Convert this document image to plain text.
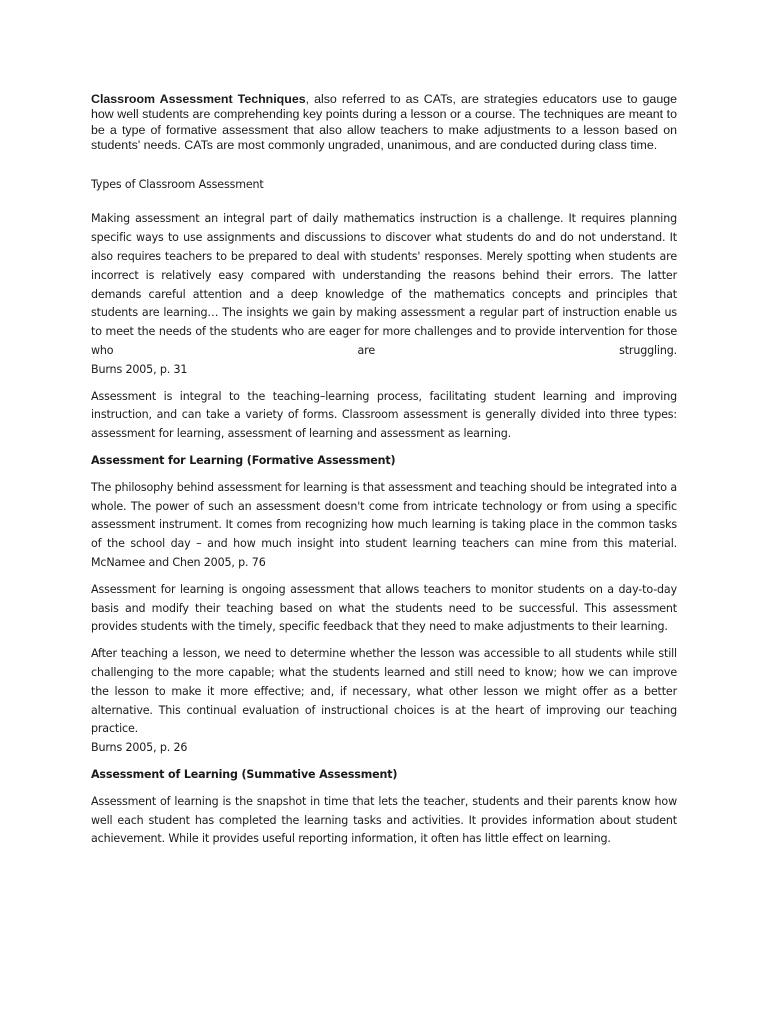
Classroom Assessment Techniques, also referred to as CATs, are strategies educators use to gauge how well students are comprehending key points during a lesson or a course. The techniques are meant to be a type of formative assessment that also allow teachers to make adjustments to a lesson based on students' needs. CATs are most commonly ungraded, unanimous, and are conducted during class time.

Types of Classroom Assessment

Making assessment an integral part of daily mathematics instruction is a challenge. It requires planning specific ways to use assignments and discussions to discover what students do and do not understand. It also requires teachers to be prepared to deal with students' responses. Merely spotting when students are incorrect is relatively easy compared with understanding the reasons behind their errors. The latter demands careful attention and a deep knowledge of the mathematics concepts and principles that students are learning… The insights we gain by making assessment a regular part of instruction enable us to meet the needs of the students who are eager for more challenges and to provide intervention for those who are struggling.

Burns 2005, p. 31

Assessment is integral to the teaching–learning process, facilitating student learning and improving instruction, and can take a variety of forms. Classroom assessment is generally divided into three types: assessment for learning, assessment of learning and assessment as learning.

Assessment for Learning (Formative Assessment)

The philosophy behind assessment for learning is that assessment and teaching should be integrated into a whole. The power of such an assessment doesn't come from intricate technology or from using a specific assessment instrument. It comes from recognizing how much learning is taking place in the common tasks of the school day – and how much insight into student learning teachers can mine from this material.

McNamee and Chen 2005, p. 76

Assessment for learning is ongoing assessment that allows teachers to monitor students on a day-to-day basis and modify their teaching based on what the students need to be successful. This assessment provides students with the timely, specific feedback that they need to make adjustments to their learning.

After teaching a lesson, we need to determine whether the lesson was accessible to all students while still challenging to the more capable; what the students learned and still need to know; how we can improve the lesson to make it more effective; and, if necessary, what other lesson we might offer as a better alternative. This continual evaluation of instructional choices is at the heart of improving our teaching practice.

Burns 2005, p. 26
Assessment of Learning (Summative Assessment)

Assessment of learning is the snapshot in time that lets the teacher, students and their parents know how well each student has completed the learning tasks and activities. It provides information about student achievement. While it provides useful reporting information, it often has little effect on learning.
